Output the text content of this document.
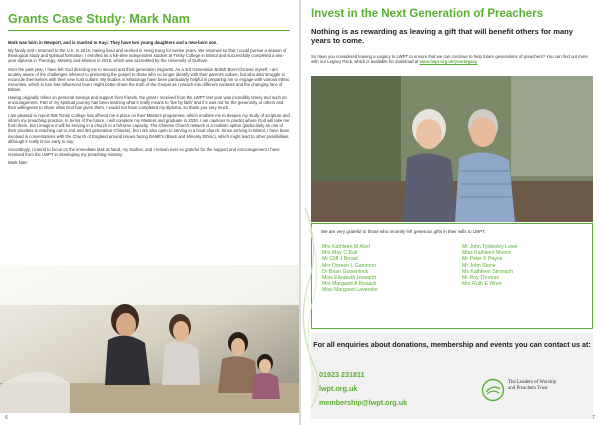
Grants Case Study: Mark Nam

Mark was born in Newport, and is married to Kayi. They have two young daughters and a new-born son.

My family and I returned to the U.K. in 2016, having lived and worked in Hong Kong for twelve years. We returned so that I could pursue a season of theological study and spiritual formation. I enrolled as a full-time independent student at Trinity College in Bristol and successfully completed a two-year diploma in Theology, Ministry and Mission in 2018, which was accredited by the University of Durham.

Over the past year, I have felt God directing me to second and third generation migrants. As a 3rd Generation British-Born-Chinese myself, I am acutely aware of the challenges inherent to presenting the gospel to those who no longer identify with their parent's culture, but who also struggle to reconcile themselves with their new host culture. My studies in Missiology have been particularly helpful in preparing me to engage with various ethnic minorities, which in turn has influenced how I might better share the truth of the Gospel as I preach into different contexts and the changing face of Britain.

Having originally relied on personal savings and support from friends, the grant I received from the LWPT last year was incredibly timely and such an encouragement. Part of my spiritual journey has been learning what it really means to 'live by faith' and if it was not for the generosity of others and their willingness to share what God has given them, I would not have completed my diploma, so thank you very much.

I am pleased to report that Trinity College has offered me a place on their Masters programme, which enables me to deepen my study of scripture and inform my preaching practice. In terms of the future, I will complete my Masters and graduate in 2020. I am cautious to predict where God will take me from there, but I imagine it will be serving in a church in a full-time capacity. The Chinese Church network is a realistic option (particularly as one of their priorities is reaching out to 2nd and 3rd generation Chinese), but I am also open to serving in a local church. Since arriving in Bristol, I have been involved in conversations with the Church of England around issues facing BAME's (Black and Minority Ethnic), which might lead to other possibilities, although it really is too early to say.

Accordingly, I intend to focus on the immediate task at hand, my studies, and I remain ever so grateful for the support and encouragement I have received from the LWPT in developing my preaching ministry.

Mark Nam

6
Invest in the Next Generation of Preachers
Nothing is as rewarding as leaving a gift that will benefit others for many years to come.
So have you considered leaving a Legacy to LWPT to ensure that we can continue to help future generations of preachers? You can find out more with our Legacy Pack, which is available for download at www.lwpt.org.uk/yourlegacy
We are very grateful to those who recently left generous gifts in their wills to LWPT.
Mrs Kathleen M Abel
Mrs May C Ball
Mr Cliff J Broad
Mrs Doreen L Gammon
Dr Brian Gowenlock
Miss Elizabeth Howarth
Mrs Margaret A Kissack
Miss Margaret Lavender
Mr John Tyldesley Lowe
Miss Kathleen Moore
Mr Peter F Payne
Mr John Stone
Ms Kathleen Stronach
Mr Roy Thomas
Mrs Ruth E Wren
For all enquiries about donations, membership and events you can contact us at:
01923 231811
lwpt.org.uk
membership@lwpt.org.uk
The Leaders of Worship
and Preachers Trust
7
